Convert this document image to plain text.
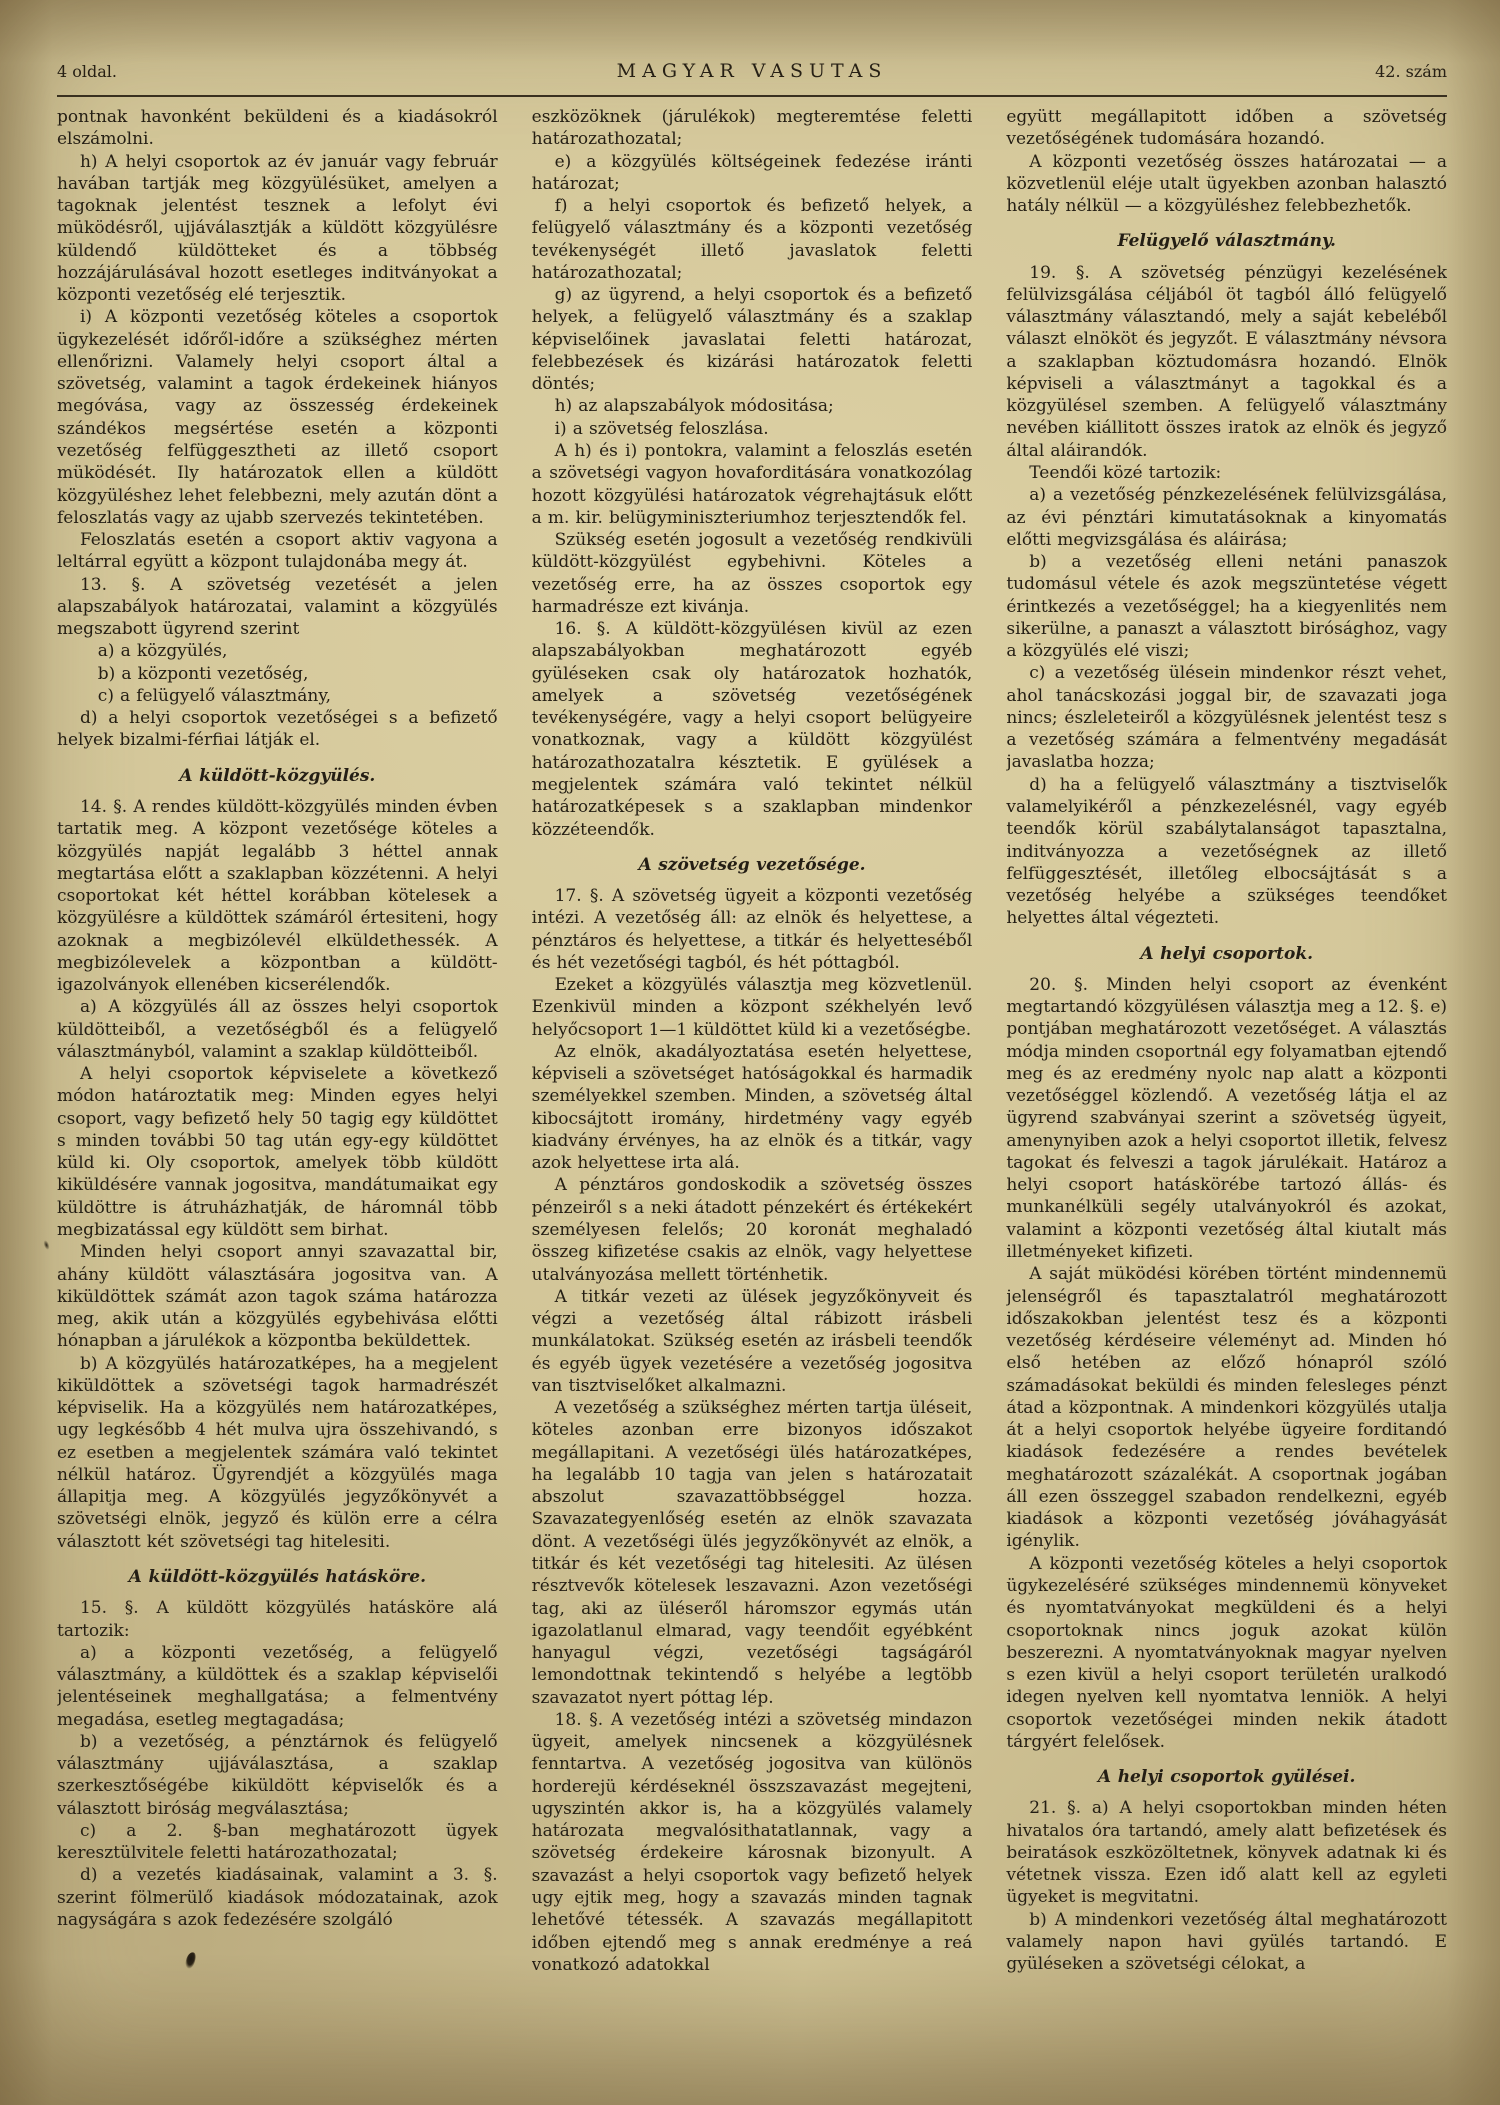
4 oldal.	MAGYAR VASUTAS	42. szám

pontnak havonként beküldeni és a kiadásokról elszámolni.

h) A helyi csoportok az év január vagy február havában tartják meg közgyülésüket, amelyen a tagoknak jelentést tesznek a lefolyt évi müködésről, ujjáválasztják a küldött közgyülésre küldendő küldötteket és a többség hozzájárulásával hozott esetleges inditványokat a központi vezetőség elé terjesztik.

i) A központi vezetőség köteles a csoportok ügykezelését időről-időre a szükséghez mérten ellenőrizni. Valamely helyi csoport által a szövetség, valamint a tagok érdekeinek hiányos megóvása, vagy az összesség érdekeinek szándékos megsértése esetén a központi vezetőség felfüggesztheti az illető csoport müködését. Ily határozatok ellen a küldött közgyüléshez lehet felebbezni, mely azután dönt a feloszlatás vagy az ujabb szervezés tekintetében.

Feloszlatás esetén a csoport aktiv vagyona a leltárral együtt a központ tulajdonába megy át.

13. §. A szövetség vezetését a jelen alapszabályok határozatai, valamint a közgyülés megszabott ügyrend szerint

a) a közgyülés,

b) a központi vezetőség,

c) a felügyelő választmány,

d) a helyi csoportok vezetőségei s a befizető helyek bizalmi-férfiai látják el.

A küldött-közgyülés.

14. §. A rendes küldött-közgyülés minden évben tartatik meg. A központ vezetősége köteles a közgyülés napját legalább 3 héttel annak megtartása előtt a szaklapban közzétenni. A helyi csoportokat két héttel korábban kötelesek a közgyülésre a küldöttek számáról értesiteni, hogy azoknak a megbizólevél elküldethessék. A megbizólevelek a központban a küldött-igazolványok ellenében kicserélendők.

a) A közgyülés áll az összes helyi csoportok küldötteiből, a vezetőségből és a felügyelő választmányból, valamint a szaklap küldötteiből.

A helyi csoportok képviselete a következő módon határoztatik meg: Minden egyes helyi csoport, vagy befizető hely 50 tagig egy küldöttet s minden további 50 tag után egy-egy küldöttet küld ki. Oly csoportok, amelyek több küldött kiküldésére vannak jogositva, mandátumaikat egy küldöttre is átruházhatják, de háromnál több megbizatással egy küldött sem birhat.

Minden helyi csoport annyi szavazattal bir, ahány küldött választására jogositva van. A kiküldöttek számát azon tagok száma határozza meg, akik után a közgyülés egybehivása előtti hónapban a járulékok a központba beküldettek.

b) A közgyülés határozatképes, ha a megjelent kiküldöttek a szövetségi tagok harmadrészét képviselik. Ha a közgyülés nem határozatképes, ugy legkésőbb 4 hét mulva ujra összehivandó, s ez esetben a megjelentek számára való tekintet nélkül határoz. Ügyrendjét a közgyülés maga állapitja meg. A közgyülés jegyzőkönyvét a szövetségi elnök, jegyző és külön erre a célra választott két szövetségi tag hitelesiti.

A küldött-közgyülés hatásköre.

15. §. A küldött közgyülés hatásköre alá tartozik:

a) a központi vezetőség, a felügyelő választmány, a küldöttek és a szaklap képviselői jelentéseinek meghallgatása; a felmentvény megadása, esetleg megtagadása;

b) a vezetőség, a pénztárnok és felügyelő választmány ujjáválasztása, a szaklap szerkesztőségébe kiküldött képviselők és a választott biróság megválasztása;

c) a 2. §-ban meghatározott ügyek keresztülvitele feletti határozathozatal;

d) a vezetés kiadásainak, valamint a 3. §. szerint fölmerülő kiadások módozatainak, azok nagyságára s azok fedezésére szolgáló

eszközöknek (járulékok) megteremtése feletti határozathozatal;

e) a közgyülés költségeinek fedezése iránti határozat;

f) a helyi csoportok és befizető helyek, a felügyelő választmány és a központi vezetőség tevékenységét illető javaslatok feletti határozathozatal;

g) az ügyrend, a helyi csoportok és a befizető helyek, a felügyelő választmány és a szaklap képviselőinek javaslatai feletti határozat, felebbezések és kizárási határozatok feletti döntés;

h) az alapszabályok módositása;

i) a szövetség feloszlása.

A h) és i) pontokra, valamint a feloszlás esetén a szövetségi vagyon hovaforditására vonatkozólag hozott közgyülési határozatok végrehajtásuk előtt a m. kir. belügyminiszteriumhoz terjesztendők fel.

Szükség esetén jogosult a vezetőség rendkivüli küldött-közgyülést egybehivni. Köteles a vezetőség erre, ha az összes csoportok egy harmadrésze ezt kivánja.

16. §. A küldött-közgyülésen kivül az ezen alapszabályokban meghatározott egyéb gyüléseken csak oly határozatok hozhatók, amelyek a szövetség vezetőségének tevékenységére, vagy a helyi csoport belügyeire vonatkoznak, vagy a küldött közgyülést határozathozatalra késztetik. E gyülések a megjelentek számára való tekintet nélkül határozatképesek s a szaklapban mindenkor közzéteendők.

A szövetség vezetősége.

17. §. A szövetség ügyeit a központi vezetőség intézi. A vezetőség áll: az elnök és helyettese, a pénztáros és helyettese, a titkár és helyetteséből és hét vezetőségi tagból, és hét póttagból.

Ezeket a közgyülés választja meg közvetlenül. Ezenkivül minden a központ székhelyén levő helyőcsoport 1—1 küldöttet küld ki a vezetőségbe.

Az elnök, akadályoztatása esetén helyettese, képviseli a szövetséget hatóságokkal és harmadik személyekkel szemben. Minden, a szövetség által kibocsájtott iromány, hirdetmény vagy egyéb kiadvány érvényes, ha az elnök és a titkár, vagy azok helyettese irta alá.

A pénztáros gondoskodik a szövetség összes pénzeiről s a neki átadott pénzekért és értékekért személyesen felelős; 20 koronát meghaladó összeg kifizetése csakis az elnök, vagy helyettese utalványozása mellett történhetik.

A titkár vezeti az ülések jegyzőkönyveit és végzi a vezetőség által rábizott irásbeli munkálatokat. Szükség esetén az irásbeli teendők és egyéb ügyek vezetésére a vezetőség jogositva van tisztviselőket alkalmazni.

A vezetőség a szükséghez mérten tartja üléseit, köteles azonban erre bizonyos időszakot megállapitani. A vezetőségi ülés határozatképes, ha legalább 10 tagja van jelen s határozatait abszolut szavazattöbbséggel hozza. Szavazategyenlőség esetén az elnök szavazata dönt. A vezetőségi ülés jegyzőkönyvét az elnök, a titkár és két vezetőségi tag hitelesiti. Az ülésen résztvevők kötelesek leszavazni. Azon vezetőségi tag, aki az üléseről háromszor egymás után igazolatlanul elmarad, vagy teendőit egyébként hanyagul végzi, vezetőségi tagságáról lemondottnak tekintendő s helyébe a legtöbb szavazatot nyert póttag lép.

18. §. A vezetőség intézi a szövetség mindazon ügyeit, amelyek nincsenek a közgyülésnek fenntartva. A vezetőség jogositva van különös horderejü kérdéseknél összszavazást megejteni, ugyszintén akkor is, ha a közgyülés valamely határozata megvalósithatatlannak, vagy a szövetség érdekeire károsnak bizonyult. A szavazást a helyi csoportok vagy befizető helyek ugy ejtik meg, hogy a szavazás minden tagnak lehetővé tétessék. A szavazás megállapitott időben ejtendő meg s annak eredménye a reá vonatkozó adatokkal

együtt megállapitott időben a szövetség vezetőségének tudomására hozandó.

A központi vezetőség összes határozatai — a közvetlenül eléje utalt ügyekben azonban halasztó hatály nélkül — a közgyüléshez felebbezhetők.

Felügyelő választmány.

19. §. A szövetség pénzügyi kezelésének felülvizsgálása céljából öt tagból álló felügyelő választmány választandó, mely a saját kebeléből választ elnököt és jegyzőt. E választmány névsora a szaklapban köztudomásra hozandó. Elnök képviseli a választmányt a tagokkal és a közgyülésel szemben. A felügyelő választmány nevében kiállitott összes iratok az elnök és jegyző által aláirandók.

Teendői közé tartozik:

a) a vezetőség pénzkezelésének felülvizsgálása, az évi pénztári kimutatásoknak a kinyomatás előtti megvizsgálása és aláirása;

b) a vezetőség elleni netáni panaszok tudomásul vétele és azok megszüntetése végett érintkezés a vezetőséggel; ha a kiegyenlités nem sikerülne, a panaszt a választott birósághoz, vagy a közgyülés elé viszi;

c) a vezetőség ülésein mindenkor részt vehet, ahol tanácskozási joggal bir, de szavazati joga nincs; észleleteiről a közgyülésnek jelentést tesz s a vezetőség számára a felmentvény megadását javaslatba hozza;

d) ha a felügyelő választmány a tisztviselők valamelyikéről a pénzkezelésnél, vagy egyéb teendők körül szabálytalanságot tapasztalna, inditványozza a vezetőségnek az illető felfüggesztését, illetőleg elbocsájtását s a vezetőség helyébe a szükséges teendőket helyettes által végezteti.

A helyi csoportok.

20. §. Minden helyi csoport az évenként megtartandó közgyülésen választja meg a 12. §. e) pontjában meghatározott vezetőséget. A választás módja minden csoportnál egy folyamatban ejtendő meg és az eredmény nyolc nap alatt a központi vezetőséggel közlendő. A vezetőség látja el az ügyrend szabványai szerint a szövetség ügyeit, amenynyiben azok a helyi csoportot illetik, felvesz tagokat és felveszi a tagok járulékait. Határoz a helyi csoport hatáskörébe tartozó állás- és munkanélküli segély utalványokról és azokat, valamint a központi vezetőség által kiutalt más illetményeket kifizeti.

A saját müködési körében történt mindennemü jelenségről és tapasztalatról meghatározott időszakokban jelentést tesz és a központi vezetőség kérdéseire véleményt ad. Minden hó első hetében az előző hónapról szóló számadásokat beküldi és minden felesleges pénzt átad a központnak. A mindenkori közgyülés utalja át a helyi csoportok helyébe ügyeire forditandó kiadások fedezésére a rendes bevételek meghatározott százalékát. A csoportnak jogában áll ezen összeggel szabadon rendelkezni, egyéb kiadások a központi vezetőség jóváhagyását igénylik.

A központi vezetőség köteles a helyi csoportok ügykezeléséré szükséges mindennemü könyveket és nyomtatványokat megküldeni és a helyi csoportoknak nincs joguk azokat külön beszerezni. A nyomtatványoknak magyar nyelven s ezen kivül a helyi csoport területén uralkodó idegen nyelven kell nyomtatva lenniök. A helyi csoportok vezetőségei minden nekik átadott tárgyért felelősek.

A helyi csoportok gyülései.

21. §. a) A helyi csoportokban minden héten hivatalos óra tartandó, amely alatt befizetések és beiratások eszközöltetnek, könyvek adatnak ki és vétetnek vissza. Ezen idő alatt kell az egyleti ügyeket is megvitatni.

b) A mindenkori vezetőség által meghatározott valamely napon havi gyülés tartandó. E gyüléseken a szövetségi célokat, a
